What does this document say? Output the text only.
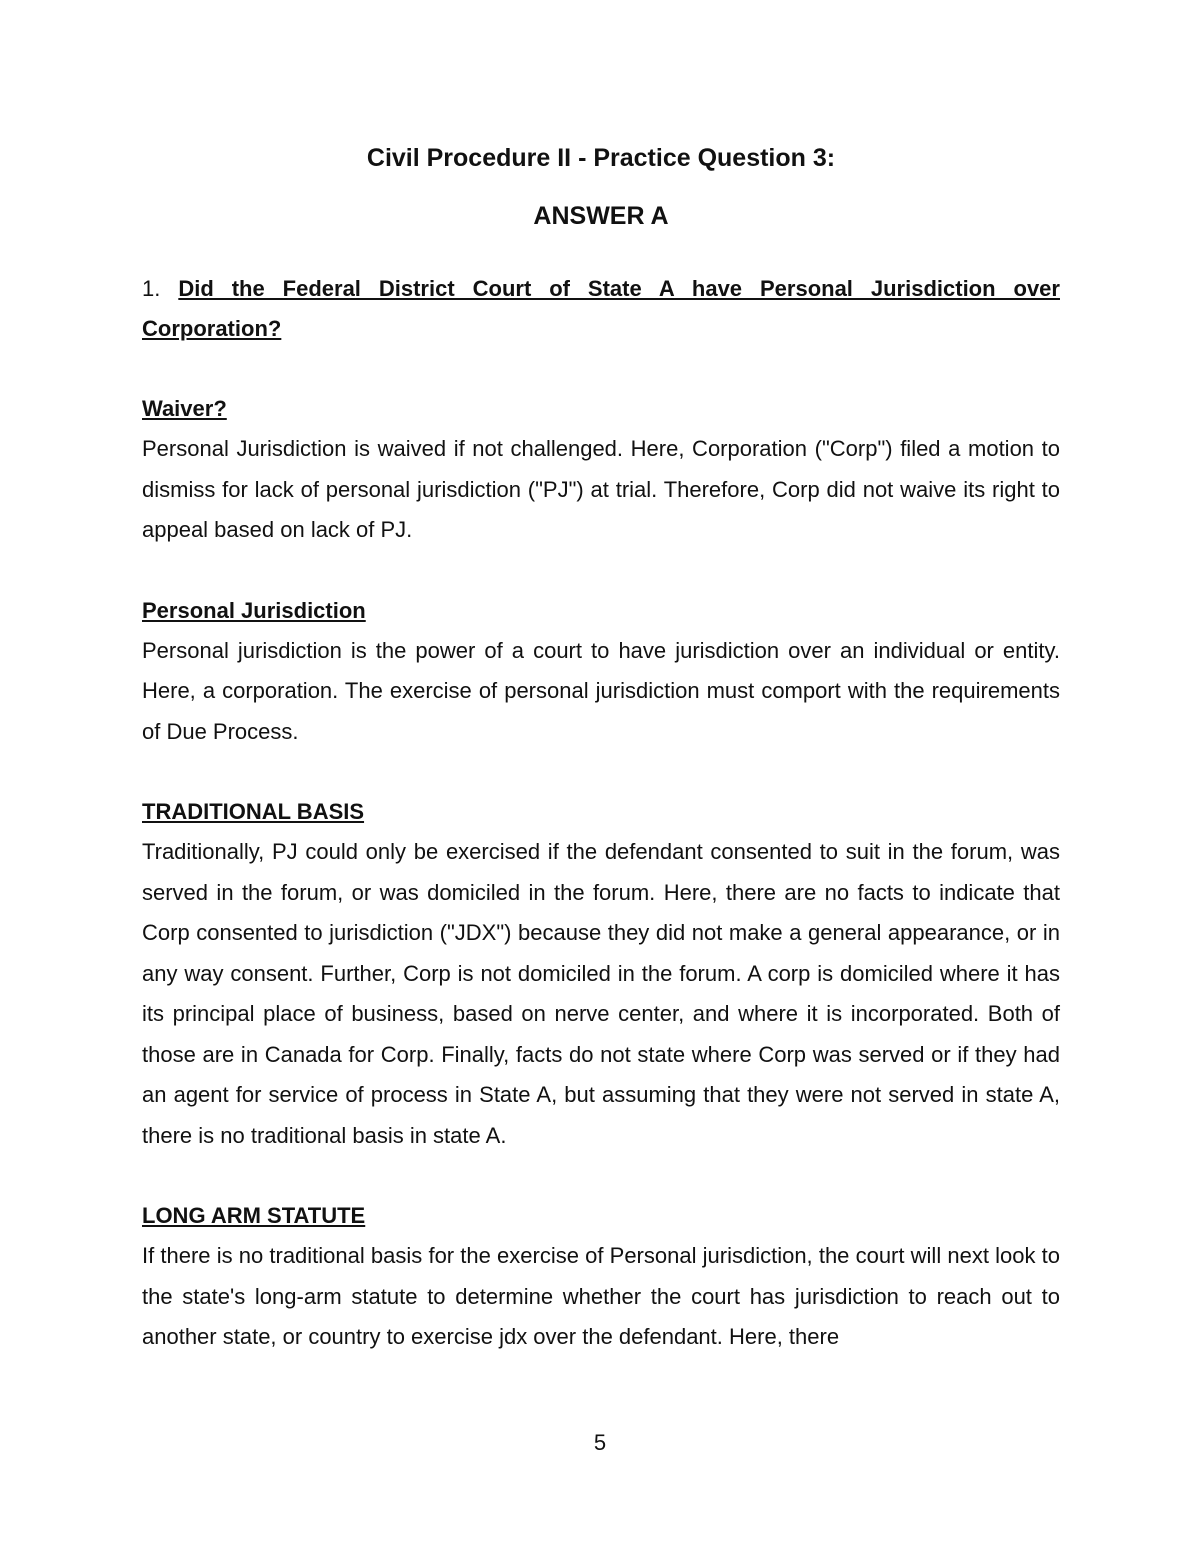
Civil Procedure II - Practice Question 3:
ANSWER A
1. Did the Federal District Court of State A have Personal Jurisdiction over Corporation?
Waiver?

Personal Jurisdiction is waived if not challenged. Here, Corporation ("Corp") filed a motion to dismiss for lack of personal jurisdiction ("PJ") at trial. Therefore, Corp did not waive its right to appeal based on lack of PJ.

Personal Jurisdiction

Personal jurisdiction is the power of a court to have jurisdiction over an individual or entity. Here, a corporation. The exercise of personal jurisdiction must comport with the requirements of Due Process.

TRADITIONAL BASIS

Traditionally, PJ could only be exercised if the defendant consented to suit in the forum, was served in the forum, or was domiciled in the forum. Here, there are no facts to indicate that Corp consented to jurisdiction ("JDX") because they did not make a general appearance, or in any way consent. Further, Corp is not domiciled in the forum. A corp is domiciled where it has its principal place of business, based on nerve center, and where it is incorporated. Both of those are in Canada for Corp. Finally, facts do not state where Corp was served or if they had an agent for service of process in State A, but assuming that they were not served in state A, there is no traditional basis in state A.

LONG ARM STATUTE

If there is no traditional basis for the exercise of Personal jurisdiction, the court will next look to the state's long-arm statute to determine whether the court has jurisdiction to reach out to another state, or country to exercise jdx over the defendant. Here, there

5
